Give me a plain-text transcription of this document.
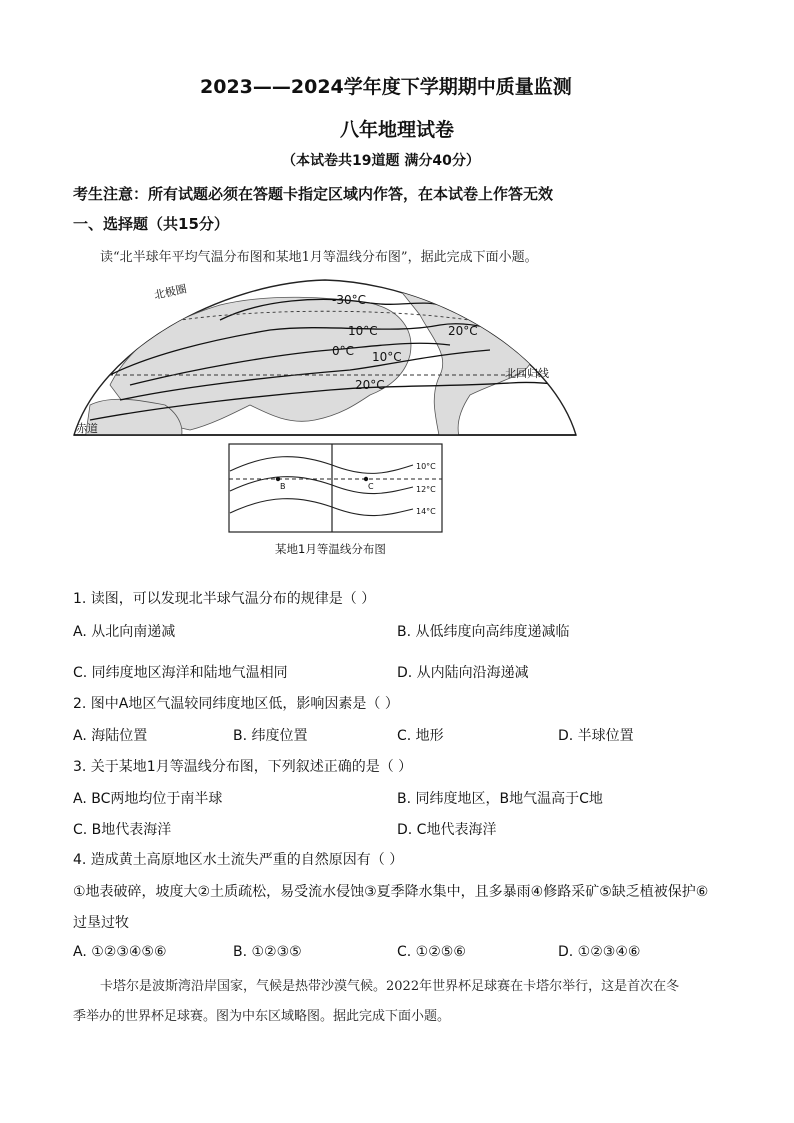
2023——2024学年度下学期期中质量监测
八年地理试卷
（本试卷共19道题 满分40分）
考生注意：所有试题必须在答题卡指定区域内作答，在本试卷上作答无效
一、选择题（共15分）
读“北半球年平均气温分布图和某地1月等温线分布图”，据此完成下面小题。
北极圈	-30°C
10°C
0°C 10°C
20°C
20°C
北回归线
赤道
B	C
10°C
12°C
14°C
某地1月等温线分布图
1. 读图，可以发现北半球气温分布的规律是（ ）
A. 从北向南递减	B. 从低纬度向高纬度递减临
C. 同纬度地区海洋和陆地气温相同	D. 从内陆向沿海递减
2. 图中A地区气温较同纬度地区低，影响因素是（ ）
A. 海陆位置	B. 纬度位置	C. 地形	D. 半球位置
3. 关于某地1月等温线分布图，下列叙述正确的是（ ）
A. BC两地均位于南半球	B. 同纬度地区，B地气温高于C地
C. B地代表海洋	D. C地代表海洋
4. 造成黄土高原地区水土流失严重的自然原因有（ ）
①地表破碎，坡度大②土质疏松，易受流水侵蚀③夏季降水集中，且多暴雨④修路采矿⑤缺乏植被保护⑥
过垦过牧
A. ①②③④⑤⑥	B. ①②③⑤	C. ①②⑤⑥	D. ①②③④⑥
卡塔尔是波斯湾沿岸国家，气候是热带沙漠气候。2022年世界杯足球赛在卡塔尔举行，这是首次在冬
季举办的世界杯足球赛。图为中东区域略图。据此完成下面小题。
